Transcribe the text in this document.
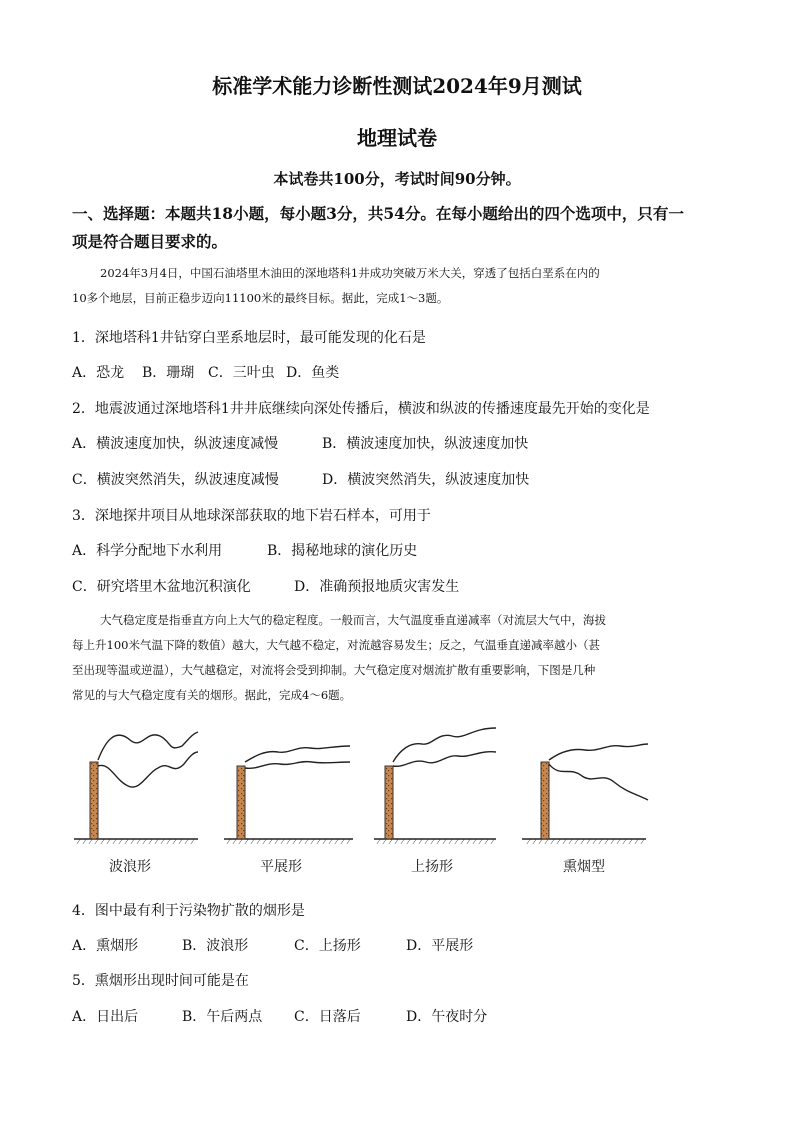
标准学术能力诊断性测试2024年9月测试
地理试卷
本试卷共100分，考试时间90分钟。
一、选择题：本题共18小题，每小题3分，共54分。在每小题给出的四个选项中，只有一
项是符合题目要求的。
2024年3月4日，中国石油塔里木油田的深地塔科1井成功突破万米大关，穿透了包括白垩系在内的
10多个地层，目前正稳步迈向11100米的最终目标。据此，完成1～3题。
1．深地塔科1井钻穿白垩系地层时，最可能发现的化石是
A．恐龙 B．珊瑚 C．三叶虫 D．鱼类
2．地震波通过深地塔科1井井底继续向深处传播后，横波和纵波的传播速度最先开始的变化是
A．横波速度加快，纵波速度减慢	B．横波速度加快，纵波速度加快
C．横波突然消失，纵波速度减慢	D．横波突然消失，纵波速度加快
3．深地探井项目从地球深部获取的地下岩石样本，可用于
A．科学分配地下水利用	B．揭秘地球的演化历史
C．研究塔里木盆地沉积演化	D．准确预报地质灾害发生
大气稳定度是指垂直方向上大气的稳定程度。一般而言，大气温度垂直递减率（对流层大气中，海拔
每上升100米气温下降的数值）越大，大气越不稳定，对流越容易发生；反之，气温垂直递减率越小（甚
至出现等温或逆温），大气越稳定，对流将会受到抑制。大气稳定度对烟流扩散有重要影响，下图是几种
常见的与大气稳定度有关的烟形。据此，完成4～6题。
波浪形	平展形	上扬形	熏烟型
4．图中最有利于污染物扩散的烟形是
A．熏烟形	B．波浪形	C．上扬形	D．平展形
5．熏烟形出现时间可能是在
A．日出后	B．午后两点 C．日落后	D．午夜时分
